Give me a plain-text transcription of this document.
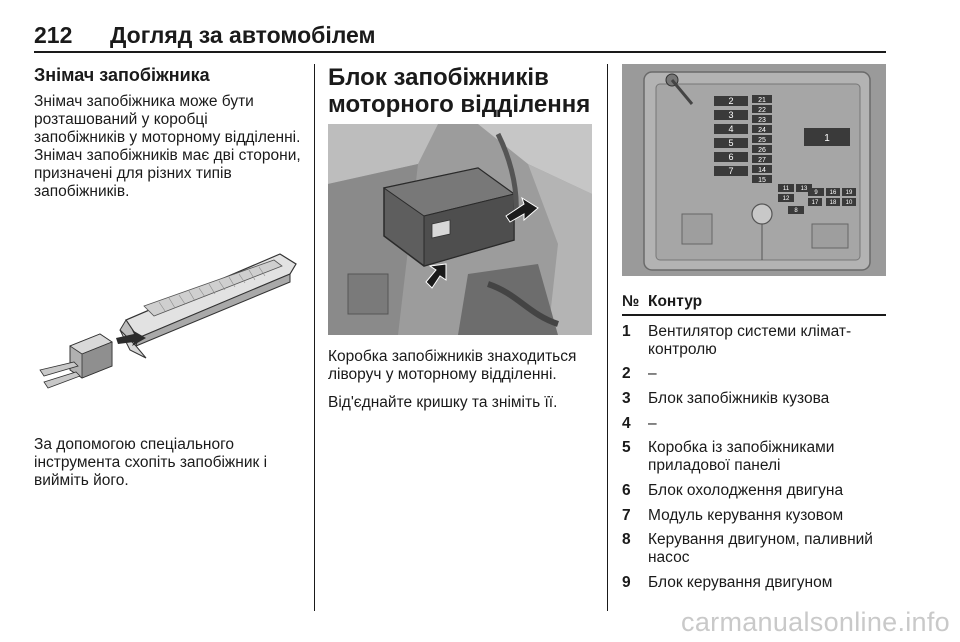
212 Догляд за автомобілем
Знімач запобіжника

Знімач запобіжника може бути розташований у коробці запобіжників у моторному відділенні. Знімач запобіжників має дві сторони, призначені для різних типів запобіжників.

За допомогою спеціального інструмента схопіть запобіжник і вийміть його.

Блок запобіжників моторного відділення

Коробка запобіжників знаходиться ліворуч у моторному відділенні.

Від'єднайте кришку та зніміть її.

2
3
4
5
6
7
21
22
23
24
25
26
27
14
15
1
11
12
13
9 16
17 18
19
10
8
№ Контур
1 Вентилятор системи клімат-контролю
2 –
3 Блок запобіжників кузова
4 –
5 Коробка із запобіжниками приладової панелі
6 Блок охолодження двигуна
7 Модуль керування кузовом
8 Керування двигуном, паливний насос
9 Блок керування двигуном
carmanualsonline.info
